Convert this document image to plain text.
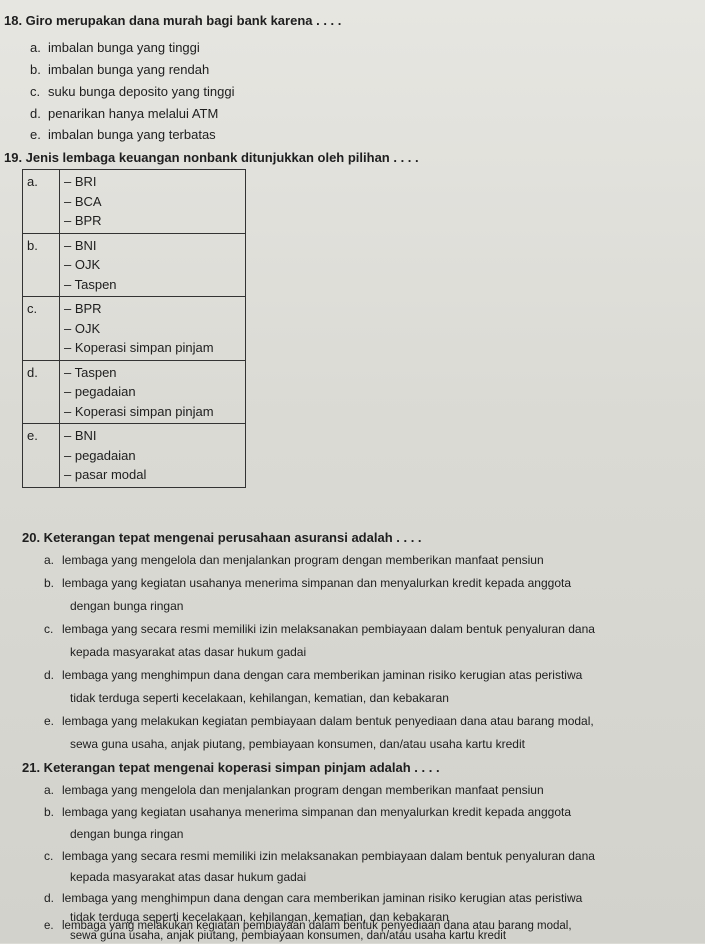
18. Giro merupakan dana murah bagi bank karena . . . .
a. imbalan bunga yang tinggi
b. imbalan bunga yang rendah
c. suku bunga deposito yang tinggi
d. penarikan hanya melalui ATM
e. imbalan bunga yang terbatas
19. Jenis lembaga keuangan nonbank ditunjukkan oleh pilihan . . . .
a.	– BRI
– BCA
– BPR

b.	– BNI
– OJK
– Taspen

c.	– BPR
– OJK
– Koperasi simpan pinjam

d.	– Taspen
– pegadaian
– Koperasi simpan pinjam

e.	– BNI
– pegadaian
– pasar modal
20. Keterangan tepat mengenai perusahaan asuransi adalah . . . .
a. lembaga yang mengelola dan menjalankan program dengan memberikan manfaat pensiun
b. lembaga yang kegiatan usahanya menerima simpanan dan menyalurkan kredit kepada anggota
dengan bunga ringan
c. lembaga yang secara resmi memiliki izin melaksanakan pembiayaan dalam bentuk penyaluran dana
kepada masyarakat atas dasar hukum gadai
d. lembaga yang menghimpun dana dengan cara memberikan jaminan risiko kerugian atas peristiwa
tidak terduga seperti kecelakaan, kehilangan, kematian, dan kebakaran
e. lembaga yang melakukan kegiatan pembiayaan dalam bentuk penyediaan dana atau barang modal,
sewa guna usaha, anjak piutang, pembiayaan konsumen, dan/atau usaha kartu kredit
21. Keterangan tepat mengenai koperasi simpan pinjam adalah . . . .
a. lembaga yang mengelola dan menjalankan program dengan memberikan manfaat pensiun
b. lembaga yang kegiatan usahanya menerima simpanan dan menyalurkan kredit kepada anggota
dengan bunga ringan
c. lembaga yang secara resmi memiliki izin melaksanakan pembiayaan dalam bentuk penyaluran dana
kepada masyarakat atas dasar hukum gadai
d. lembaga yang menghimpun dana dengan cara memberikan jaminan risiko kerugian atas peristiwa
tidak terduga seperti kecelakaan, kehilangan, kematian, dan kebakaran
e. lembaga yang melakukan kegiatan pembiayaan dalam bentuk penyediaan dana atau barang modal,
sewa guna usaha, anjak piutang, pembiayaan konsumen, dan/atau usaha kartu kredit
